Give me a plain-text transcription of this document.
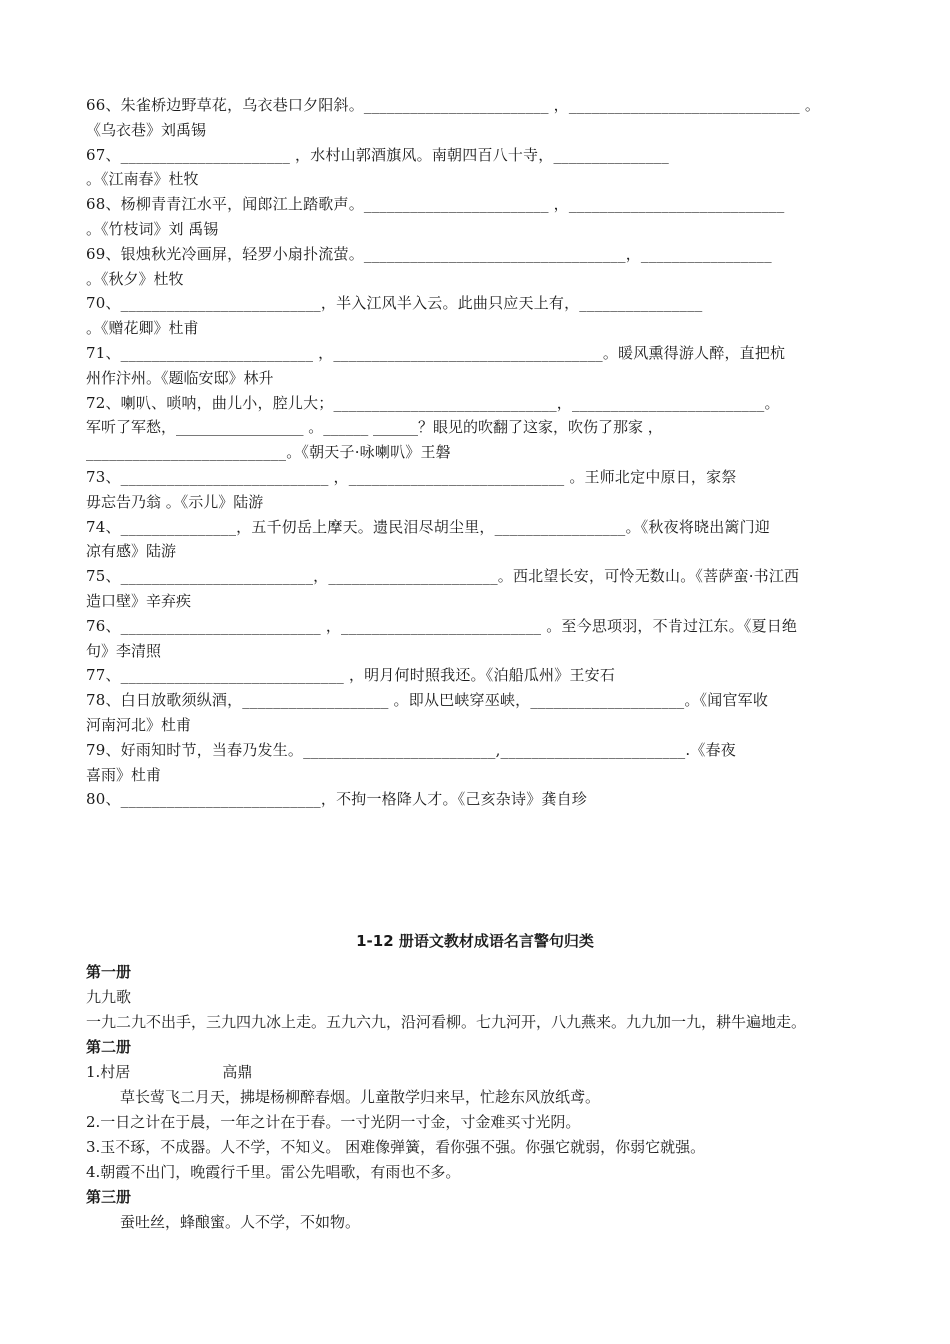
66、朱雀桥边野草花，乌衣巷口夕阳斜。________________________ ，______________________________ 。
《乌衣巷》刘禹锡
67、______________________ ，水村山郭酒旗风。南朝四百八十寺，_______________
。《江南春》杜牧
68、杨柳青青江水平，闻郎江上踏歌声。________________________ ，____________________________
。《竹枝词》刘 禹锡
69、银烛秋光冷画屏，轻罗小扇扑流萤。__________________________________，_________________
。《秋夕》杜牧
70、__________________________，半入江风半入云。此曲只应天上有，________________
。《赠花卿》杜甫
71、_________________________ ，___________________________________。暖风熏得游人醉，直把杭
州作汴州。《题临安邸》林升
72、喇叭、唢呐，曲儿小，腔儿大；_____________________________，_________________________。
军听了军愁，_________________ 。______ ______？眼见的吹翻了这家，吹伤了那家 ，
__________________________。《朝天子·咏喇叭》王磐
73、___________________________ ，____________________________ 。王师北定中原日，家祭
毋忘告乃翁 。《示儿》陆游
74、_______________，五千仞岳上摩天。遗民泪尽胡尘里，_________________。《秋夜将晓出篱门迎
凉有感》陆游
75、_________________________，______________________。西北望长安，可怜无数山。《菩萨蛮·书江西
造口壁》辛弃疾
76、__________________________ ，__________________________ 。至今思项羽，不肯过江东。《夏日绝
句》李清照
77、_____________________________ ，明月何时照我还。《泊船瓜州》王安石
78、白日放歌须纵酒，___________________ 。即从巴峡穿巫峡，____________________。《闻官军收
河南河北》杜甫
79、好雨知时节，当春乃发生。_________________________,________________________.《春夜
喜雨》杜甫
80、__________________________，不拘一格降人才。《己亥杂诗》龚自珍
1-12 册语文教材成语名言警句归类
第一册
九九歌
一九二九不出手，三九四九冰上走。五九六九，沿河看柳。七九河开，八九燕来。九九加一九，耕牛遍地走。
第二册
1.村居	高鼎
草长莺飞二月天，拂堤杨柳醉春烟。儿童散学归来早，忙趁东风放纸鸢。
2.一日之计在于晨，一年之计在于春。一寸光阴一寸金，寸金难买寸光阴。
3.玉不琢，不成器。人不学，不知义。 困难像弹簧，看你强不强。你强它就弱，你弱它就强。
4.朝霞不出门，晚霞行千里。雷公先唱歌，有雨也不多。
第三册
蚕吐丝，蜂酿蜜。人不学，不如物。
